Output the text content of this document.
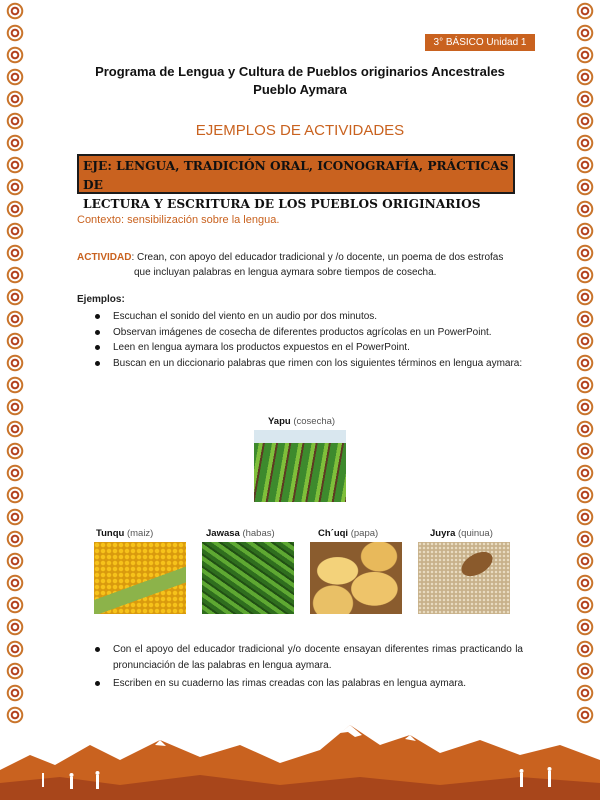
3° BÁSICO Unidad 1
Programa de Lengua y Cultura de Pueblos originarios Ancestrales
Pueblo Aymara
EJEMPLOS DE ACTIVIDADES
EJE: LENGUA, TRADICIÓN ORAL, ICONOGRAFÍA, PRÁCTICAS DE
LECTURA Y ESCRITURA DE LOS PUEBLOS ORIGINARIOS
Contexto: sensibilización sobre la lengua.
ACTIVIDAD: Crean, con apoyo del educador tradicional y /o docente, un poema de dos estrofas
que incluyan palabras en lengua aymara sobre tiempos de cosecha.
Ejemplos:
Escuchan el sonido del viento en un audio por dos minutos.
Observan imágenes de cosecha de diferentes productos agrícolas en un PowerPoint.
Leen en lengua aymara los productos expuestos en el PowerPoint.
Buscan en un diccionario palabras que rimen con los siguientes términos en lengua aymara:
Yapu (cosecha)
Tunqu (maiz)	Jawasa (habas)	Ch´uqi (papa)	Juyra (quinua)
Con el apoyo del educador tradicional y/o docente ensayan diferentes rimas practicando la pronunciación de las palabras en lengua aymara.
Escriben en su cuaderno las rimas creadas con las palabras en lengua aymara.
